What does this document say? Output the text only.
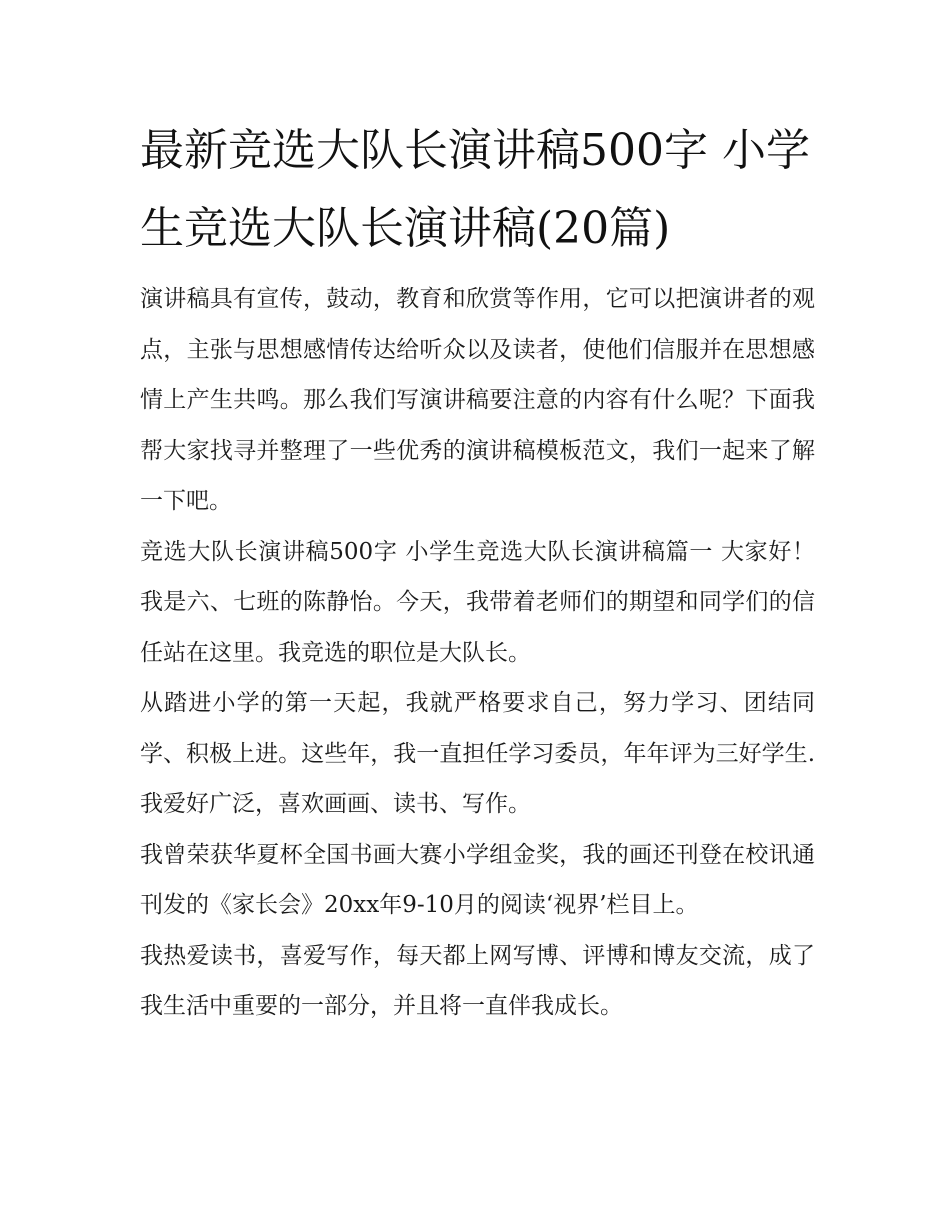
最新竞选大队长演讲稿500字 小学生竞选大队长演讲稿(20篇)

演讲稿具有宣传，鼓动，教育和欣赏等作用，它可以把演讲者的观点，主张与思想感情传达给听众以及读者，使他们信服并在思想感情上产生共鸣。那么我们写演讲稿要注意的内容有什么呢？下面我帮大家找寻并整理了一些优秀的演讲稿模板范文，我们一起来了解一下吧。

竞选大队长演讲稿500字 小学生竞选大队长演讲稿篇一 大家好！ 我是六、七班的陈静怡。今天，我带着老师们的期望和同学们的信任站在这里。我竞选的职位是大队长。

从踏进小学的第一天起，我就严格要求自己，努力学习、团结同学、积极上进。这些年，我一直担任学习委员，年年评为三好学生.我爱好广泛，喜欢画画、读书、写作。

我曾荣获华夏杯全国书画大赛小学组金奖，我的画还刊登在校讯通刊发的《家长会》20xx年9-10月的阅读‘视界’栏目上。

我热爱读书，喜爱写作，每天都上网写博、评博和博友交流，成了我生活中重要的一部分，并且将一直伴我成长。
